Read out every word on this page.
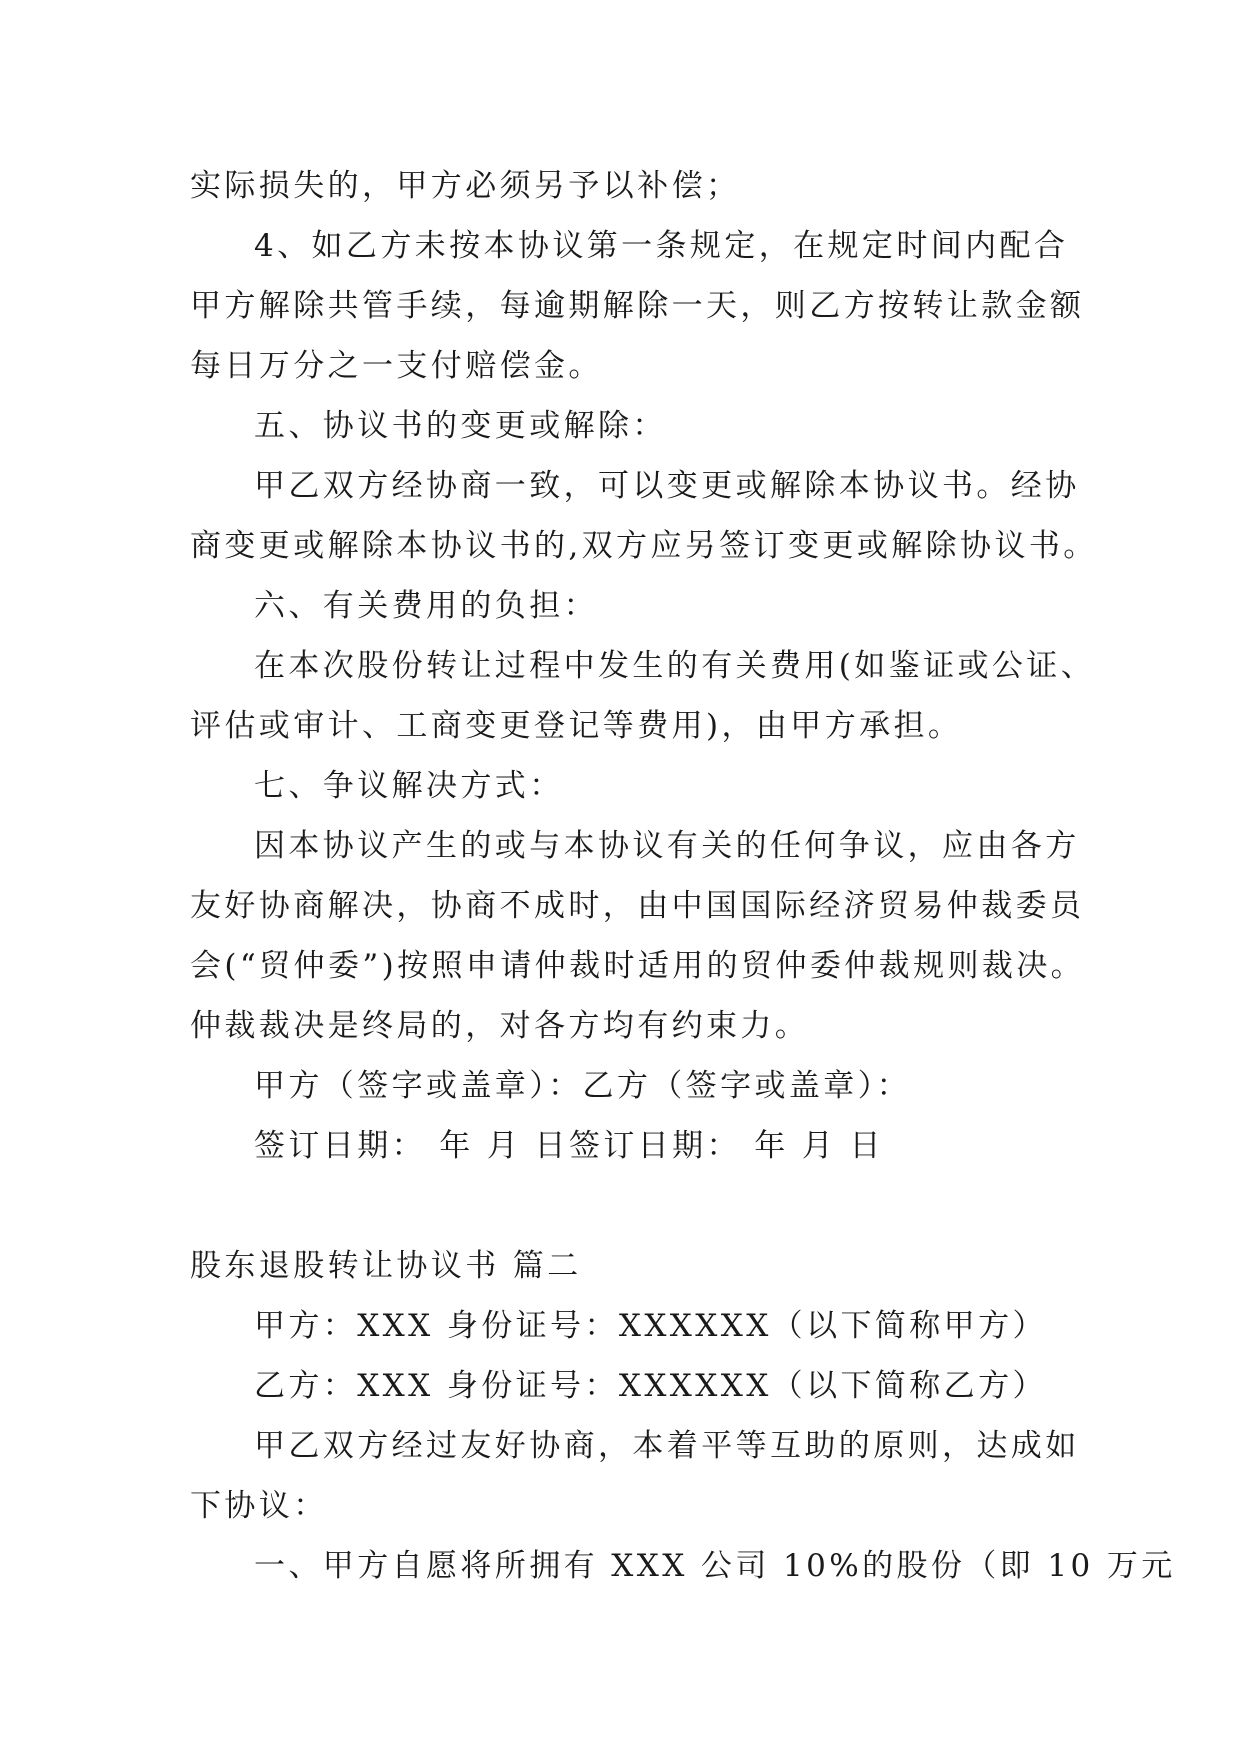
实际损失的，甲方必须另予以补偿；
4、如乙方未按本协议第一条规定，在规定时间内配合
甲方解除共管手续，每逾期解除一天，则乙方按转让款金额
每日万分之一支付赔偿金。
五、协议书的变更或解除：
甲乙双方经协商一致，可以变更或解除本协议书。经协
商变更或解除本协议书的,双方应另签订变更或解除协议书。
六、有关费用的负担：
在本次股份转让过程中发生的有关费用(如鉴证或公证、
评估或审计、工商变更登记等费用)，由甲方承担。
七、争议解决方式：
因本协议产生的或与本协议有关的任何争议，应由各方
友好协商解决，协商不成时，由中国国际经济贸易仲裁委员
会(“贸仲委”)按照申请仲裁时适用的贸仲委仲裁规则裁决。
仲裁裁决是终局的，对各方均有约束力。
甲方（签字或盖章）：乙方（签字或盖章）：
签订日期： 年 月 日签订日期： 年 月 日
股东退股转让协议书 篇二
甲方：XXX 身份证号：XXXXXX（以下简称甲方）
乙方：XXX 身份证号：XXXXXX（以下简称乙方）
甲乙双方经过友好协商，本着平等互助的原则，达成如
下协议：
一、甲方自愿将所拥有 XXX 公司 10%的股份（即 10 万元
